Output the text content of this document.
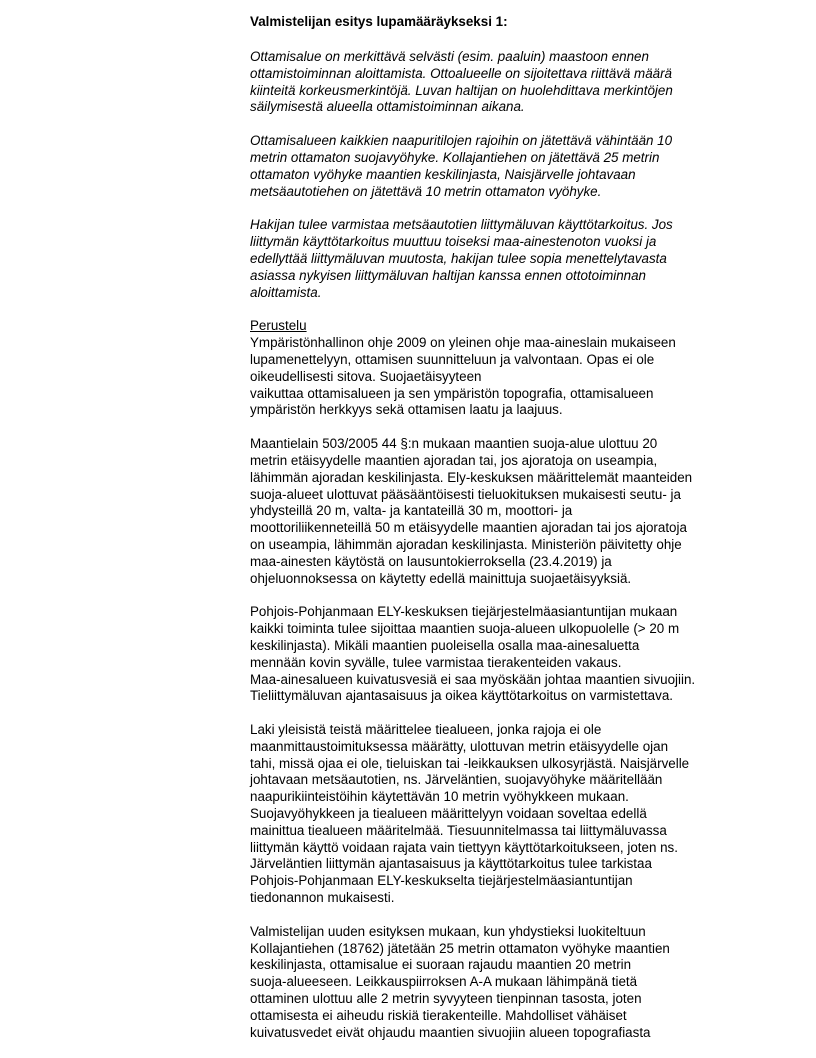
Valmistelijan esitys lupamääräykseksi 1:
Ottamisalue on merkittävä selvästi (esim. paaluin) maastoon ennen
ottamistoiminnan aloittamista. Ottoalueelle on sijoitettava riittävä määrä
kiinteitä korkeusmerkintöjä. Luvan haltijan on huolehdittava merkintöjen
säilymisestä alueella ottamistoiminnan aikana.
Ottamisalueen kaikkien naapuritilojen rajoihin on jätettävä vähintään 10
metrin ottamaton suojavyöhyke. Kollajantiehen on jätettävä 25 metrin
ottamaton vyöhyke maantien keskilinjasta, Naisjärvelle johtavaan
metsäautotiehen on jätettävä 10 metrin ottamaton vyöhyke.
Hakijan tulee varmistaa metsäautotien liittymäluvan käyttötarkoitus. Jos
liittymän käyttötarkoitus muuttuu toiseksi maa-ainestenoton vuoksi ja
edellyttää liittymäluvan muutosta, hakijan tulee sopia menettelytavasta
asiassa nykyisen liittymäluvan haltijan kanssa ennen ottotoiminnan
aloittamista.
Perustelu
Ympäristönhallinon ohje 2009 on yleinen ohje maa-aineslain mukaiseen
lupamenettelyyn, ottamisen suunnitteluun ja valvontaan. Opas ei ole
oikeudellisesti sitova. Suojaetäisyyteen
vaikuttaa ottamisalueen ja sen ympäristön topografia, ottamisalueen
ympäristön herkkyys sekä ottamisen laatu ja laajuus.
Maantielain 503/2005 44 §:n mukaan maantien suoja-alue ulottuu 20
metrin etäisyydelle maantien ajoradan tai, jos ajoratoja on useampia,
lähimmän ajoradan keskilinjasta. Ely-keskuksen määrittelemät maanteiden
suoja-alueet ulottuvat pääsääntöisesti tieluokituksen mukaisesti seutu- ja
yhdysteillä 20 m, valta- ja kantateillä 30 m, moottori- ja
moottoriliikenneteillä 50 m etäisyydelle maantien ajoradan tai jos ajoratoja
on useampia, lähimmän ajoradan keskilinjasta. Ministeriön päivitetty ohje
maa-ainesten käytöstä on lausuntokierroksella (23.4.2019) ja
ohjeluonnoksessa on käytetty edellä mainittuja suojaetäisyyksiä.
Pohjois-Pohjanmaan ELY-keskuksen tiejärjestelmäasiantuntijan mukaan
kaikki toiminta tulee sijoittaa maantien suoja-alueen ulkopuolelle (> 20 m
keskilinjasta). Mikäli maantien puoleisella osalla maa-ainesaluetta
mennään kovin syvälle, tulee varmistaa tierakenteiden vakaus.
Maa-ainesalueen kuivatusvesiä ei saa myöskään johtaa maantien sivuojiin.
Tieliittymäluvan ajantasaisuus ja oikea käyttötarkoitus on varmistettava.
Laki yleisistä teistä määrittelee tiealueen, jonka rajoja ei ole
maanmittaustoimituksessa määrätty, ulottuvan metrin etäisyydelle ojan
tahi, missä ojaa ei ole, tieluiskan tai -leikkauksen ulkosyrjästä. Naisjärvelle
johtavaan metsäautotien, ns. Järveläntien, suojavyöhyke määritellään
naapurikiinteistöihin käytettävän 10 metrin vyöhykkeen mukaan.
Suojavyöhykkeen ja tiealueen määrittelyyn voidaan soveltaa edellä
mainittua tiealueen määritelmää. Tiesuunnitelmassa tai liittymäluvassa
liittymän käyttö voidaan rajata vain tiettyyn käyttötarkoitukseen, joten ns.
Järveläntien liittymän ajantasaisuus ja käyttötarkoitus tulee tarkistaa
Pohjois-Pohjanmaan ELY-keskukselta tiejärjestelmäasiantuntijan
tiedonannon mukaisesti.
Valmistelijan uuden esityksen mukaan, kun yhdystieksi luokiteltuun
Kollajantiehen (18762) jätetään 25 metrin ottamaton vyöhyke maantien
keskilinjasta, ottamisalue ei suoraan rajaudu maantien 20 metrin
suoja-alueeseen. Leikkauspiirroksen A-A mukaan lähimpänä tietä
ottaminen ulottuu alle 2 metrin syvyyteen tienpinnan tasosta, joten
ottamisesta ei aiheudu riskiä tierakenteille. Mahdolliset vähäiset
kuivatusvedet eivät ohjaudu maantien sivuojiin alueen topografiasta
